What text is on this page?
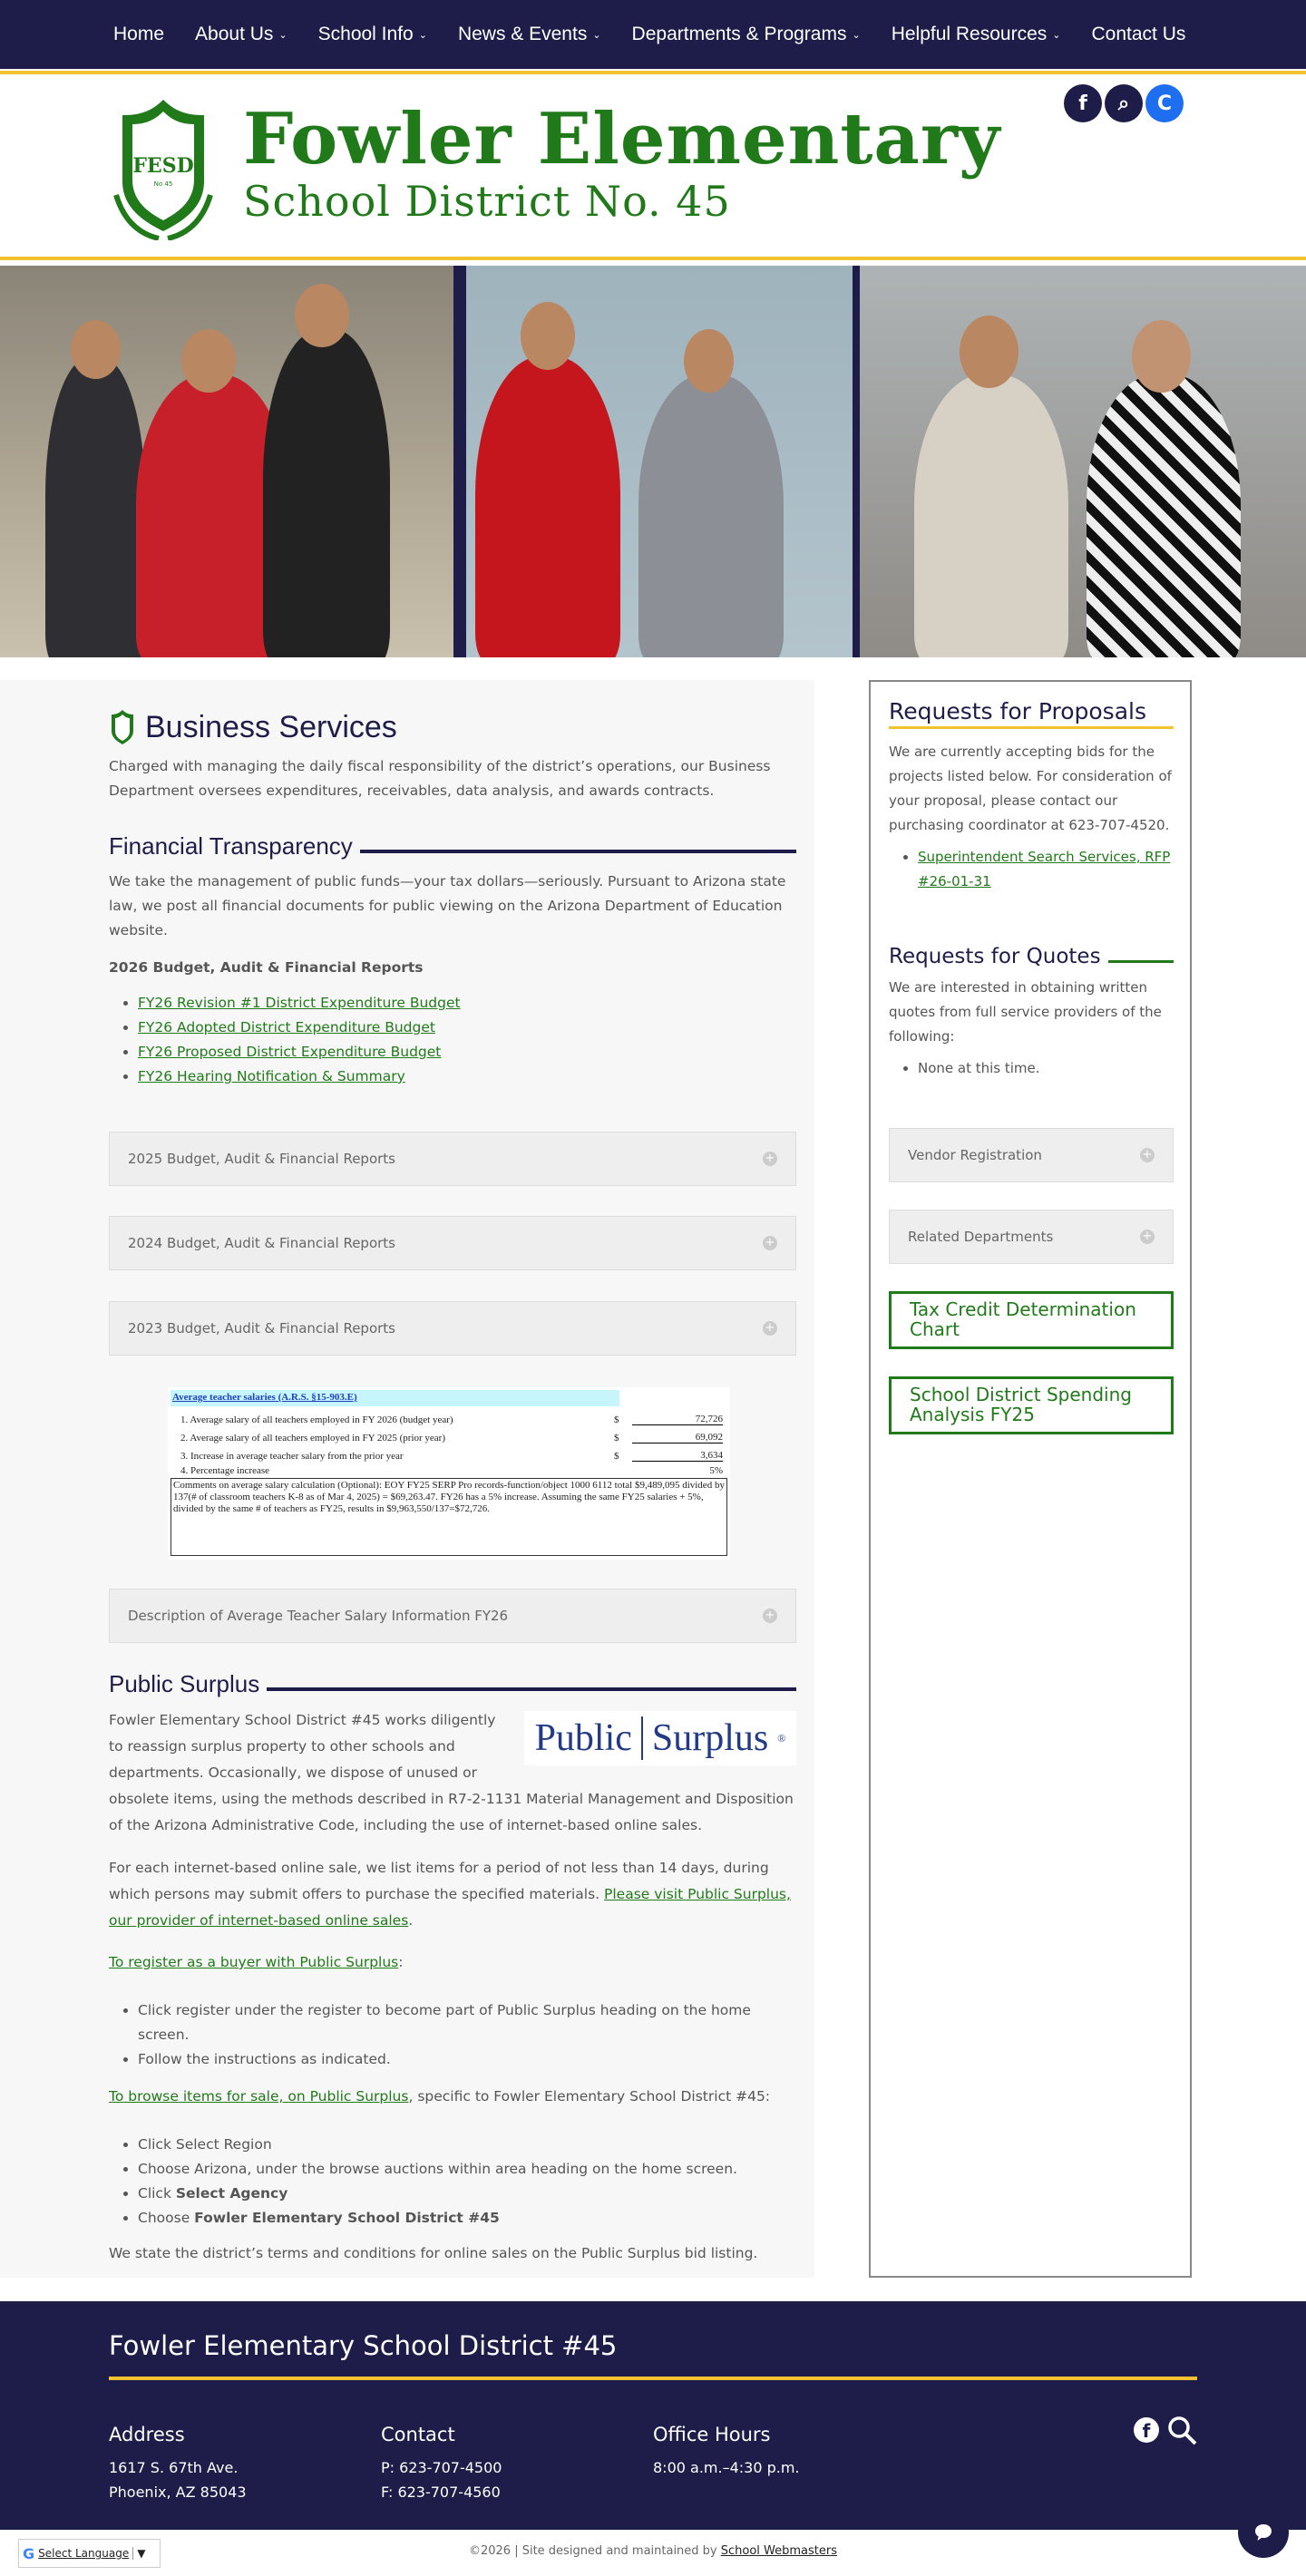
Home About Us ⌄ School Info ⌄ News & Events ⌄ Departments & Programs ⌄ Helpful Resources ⌄ Contact Us
FESD
No 45
Fowler Elementary
School District No. 45
f ⌕ C
Business Services

Charged with managing the daily fiscal responsibility of the district’s operations, our Business Department oversees expenditures, receivables, data analysis, and awards contracts.

Financial Transparency

We take the management of public funds—your tax dollars—seriously. Pursuant to Arizona state law, we post all financial documents for public viewing on the Arizona Department of Education website.

2026 Budget, Audit & Financial Reports

• FY26 Revision #1 District Expenditure Budget
• FY26 Adopted District Expenditure Budget
• FY26 Proposed District Expenditure Budget
• FY26 Hearing Notification & Summary
2025 Budget, Audit & Financial Reports	+
2024 Budget, Audit & Financial Reports	+
2023 Budget, Audit & Financial Reports	+
Average teacher salaries (A.R.S. §15-903.E)
1. Average salary of all teachers employed in FY 2026 (budget year)	$	72,726
2. Average salary of all teachers employed in FY 2025 (prior year)	$	69,092
3. Increase in average teacher salary from the prior year	$	3,634
4. Percentage increase	5%
Comments on average salary calculation (Optional): EOY FY25 SERP Pro records-function/object 1000 6112 total $9,489,095 divided by 137(# of classroom teachers K-8 as of Mar 4, 2025) = $69,263.47. FY26 has a 5% increase. Assuming the same FY25 salaries + 5%, divided by the same # of teachers as FY25, results in $9,963,550/137=$72,726.
Description of Average Teacher Salary Information FY26	+
Public Surplus
Public Surplus ®

Fowler Elementary School District #45 works diligently to reassign surplus property to other schools and departments. Occasionally, we dispose of unused or obsolete items, using the methods described in R7-2-1131 Material Management and Disposition of the Arizona Administrative Code, including the use of internet-based online sales.

For each internet-based online sale, we list items for a period of not less than 14 days, during which persons may submit offers to purchase the specified materials. Please visit Public Surplus, our provider of internet-based online sales.

To register as a buyer with Public Surplus:

• Click register under the register to become part of Public Surplus heading on the home screen.
• Follow the instructions as indicated.

To browse items for sale, on Public Surplus, specific to Fowler Elementary School District #45:

• Click Select Region
• Choose Arizona, under the browse auctions within area heading on the home screen.
• Click Select Agency
• Choose Fowler Elementary School District #45

We state the district’s terms and conditions for online sales on the Public Surplus bid listing.

Requests for Proposals

We are currently accepting bids for the projects listed below. For consideration of your proposal, please contact our purchasing coordinator at 623-707-4520.

• Superintendent Search Services, RFP #26-01-31
Requests for Quotes

We are interested in obtaining written quotes from full service providers of the following:

• None at this time.
Vendor Registration	+
Related Departments	+
Tax Credit Determination Chart
School District Spending Analysis FY25
Fowler Elementary School District #45
Address
1617 S. 67th Ave.
Phoenix, AZ 85043
Contact
P: 623-707-4500
F: 623-707-4560
Office Hours
8:00 a.m.–4:30 p.m.
f
G Select Language ▼	©2026 | Site designed and maintained by School Webmasters
